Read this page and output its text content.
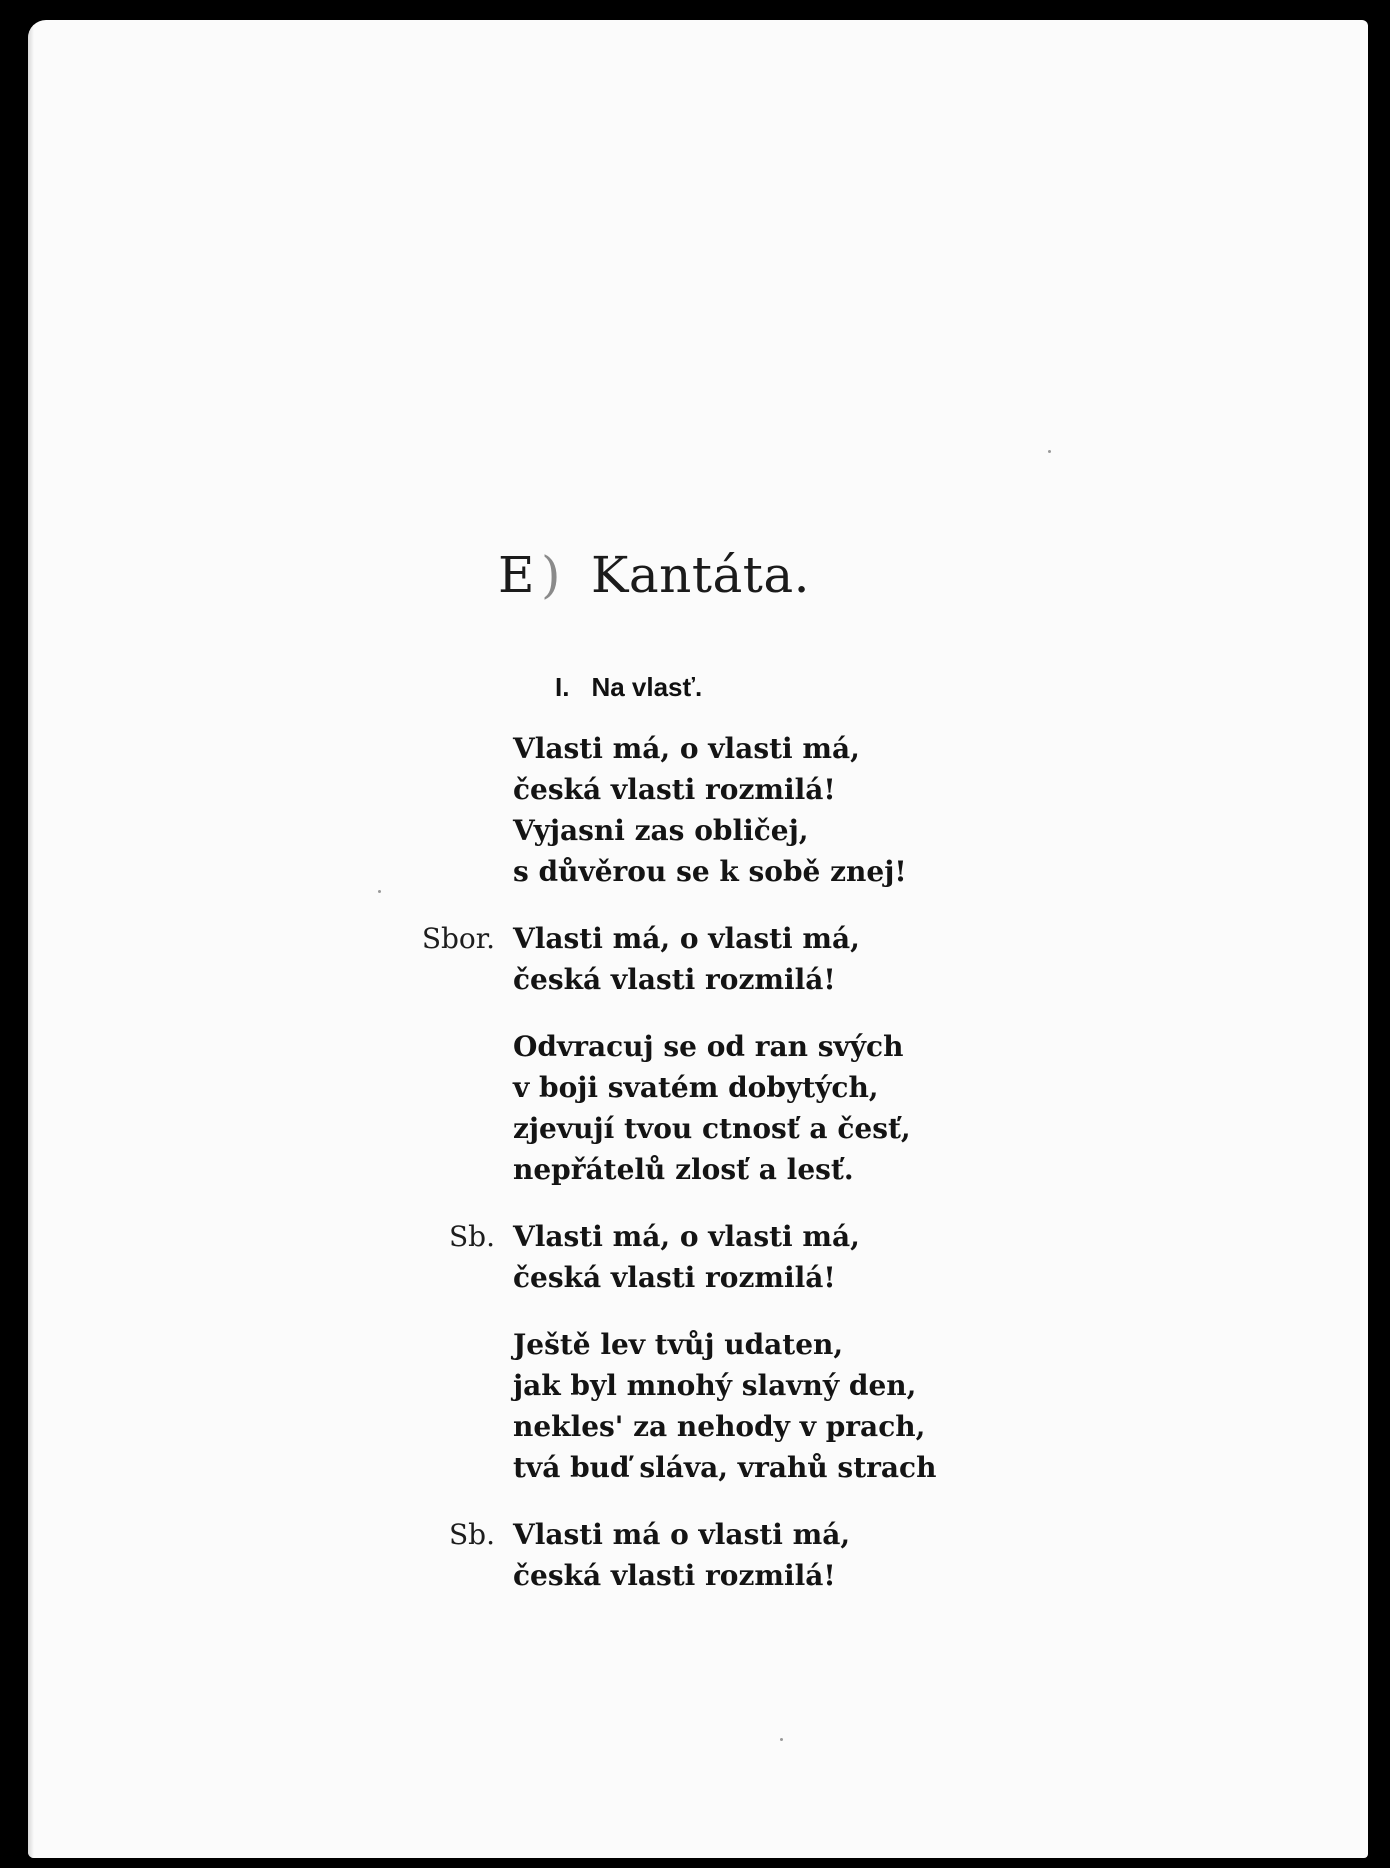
E ) Kantáta.
I. Na vlasť.
Vlasti má, o vlasti má,
česká vlasti rozmilá!
Vyjasni zas obličej,
s důvěrou se k sobě znej!
Sbor. Vlasti má, o vlasti má,
česká vlasti rozmilá!
Odvracuj se od ran svých
v boji svatém dobytých,
zjevují tvou ctnosť a česť,
nepřátelů zlosť a lesť.
Sb. Vlasti má, o vlasti má,
česká vlasti rozmilá!
Ještě lev tvůj udaten,
jak byl mnohý slavný den,
nekles' za nehody v prach,
tvá buď sláva, vrahů strach
Sb. Vlasti má o vlasti má,
česká vlasti rozmilá!
